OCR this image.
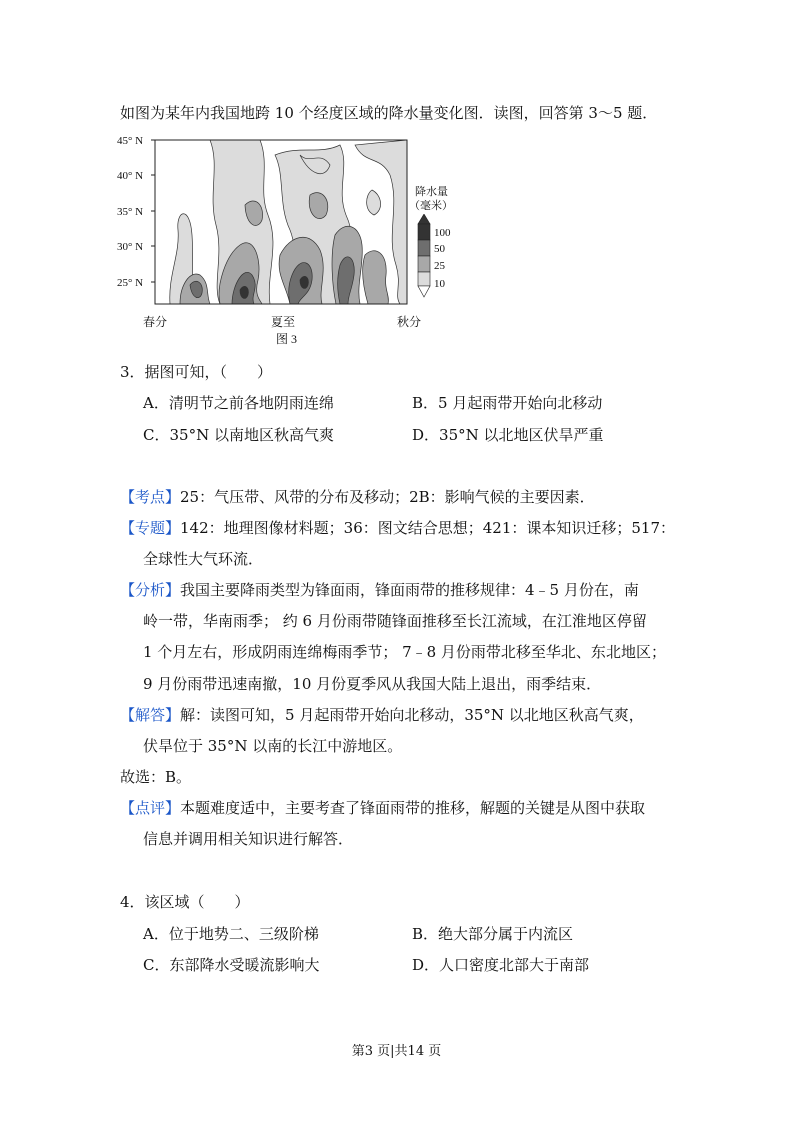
如图为某年内我国地跨 10 个经度区域的降水量变化图．读图，回答第 3～5 题．
45° N
40° N
35° N
30° N
25° N
降水量
（毫米）
100
50
25
10
春分	夏至	秋分
图 3
3．据图可知，（　　）
A．清明节之前各地阴雨连绵	B．5 月起雨带开始向北移动
C．35°N 以南地区秋高气爽	D．35°N 以北地区伏旱严重
【考点】25：气压带、风带的分布及移动；2B：影响气候的主要因素．
【专题】142：地理图像材料题；36：图文结合思想；421：课本知识迁移；517：
全球性大气环流．
【分析】我国主要降雨类型为锋面雨，锋面雨带的推移规律：4﹣5 月份在，南
岭一带，华南雨季； 约 6 月份雨带随锋面推移至长江流域，在江淮地区停留
1 个月左右，形成阴雨连绵梅雨季节； 7﹣8 月份雨带北移至华北、东北地区；
9 月份雨带迅速南撤，10 月份夏季风从我国大陆上退出，雨季结束．
【解答】解：读图可知，5 月起雨带开始向北移动，35°N 以北地区秋高气爽，
伏旱位于 35°N 以南的长江中游地区。
故选：B。
【点评】本题难度适中，主要考查了锋面雨带的推移，解题的关键是从图中获取
信息并调用相关知识进行解答．
4．该区域（　　）
A．位于地势二、三级阶梯	B．绝大部分属于内流区
C．东部降水受暖流影响大	D．人口密度北部大于南部
第3 页|共14 页
